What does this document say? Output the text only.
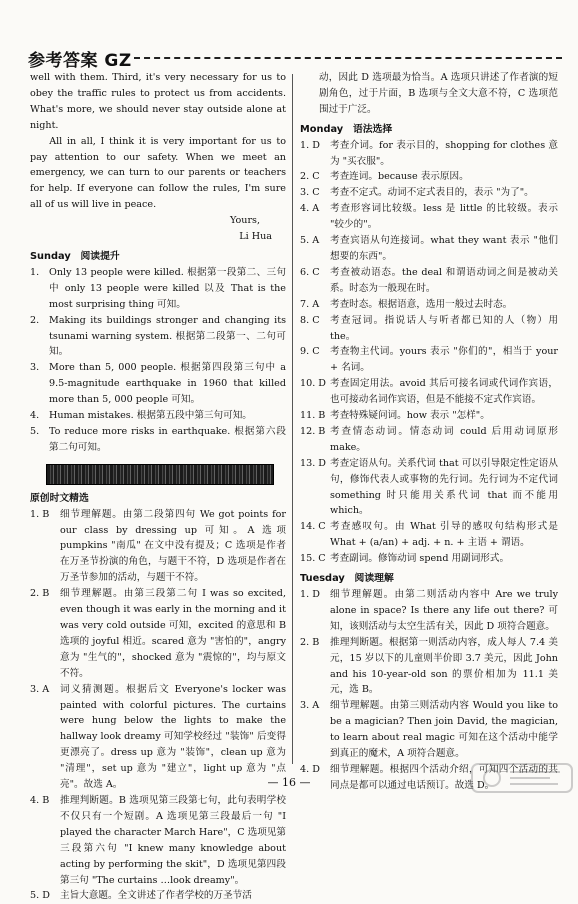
参考答案 GZ

well with them. Third, it's very necessary for us to obey the traffic rules to protect us from accidents. What's more, we should never stay outside alone at night.

All in all, I think it is very important for us to pay attention to our safety. When we meet an emergency, we can turn to our parents or teachers for help. If everyone can follow the rules, I'm sure all of us will live in peace.

Yours,

Li Hua

Sunday　阅读提升

1.	Only 13 people were killed. 根据第一段第二、三句中 only 13 people were killed 以及 That is the most surprising thing 可知。
2.	Making its buildings stronger and changing its tsunami warning system. 根据第二段第一、二句可知。
3.	More than 5, 000 people. 根据第四段第三句中 a 9.5-magnitude earthquake in 1960 that killed more than 5, 000 people 可知。
4.	Human mistakes. 根据第五段中第三句可知。
5.	To reduce more risks in earthquake. 根据第六段第二句可知。

原创时文精选

1. B	细节理解题。由第二段第四句 We got points for our class by dressing up 可知。A 选项 pumpkins "南瓜" 在文中没有提及；C 选项是作者在万圣节扮演的角色，与题干不符，D 选项是作者在万圣节参加的活动，与题干不符。
2. B	细节理解题。由第三段第二句 I was so excited, even though it was early in the morning and it was very cold outside 可知，excited 的意思和 B 选项的 joyful 相近。scared 意为 "害怕的"，angry 意为 "生气的"，shocked 意为 "震惊的"，均与原文不符。
3. A	词义猜测题。根据后文 Everyone's locker was painted with colorful pictures. The curtains were hung below the lights to make the hallway look dreamy 可知学校经过 "装饰" 后变得更漂亮了。dress up 意为 "装饰"，clean up 意为 "清理"，set up 意为 "建立"，light up 意为 "点亮"。故选 A。
4. B	推理判断题。B 选项见第三段第七句，此句表明学校不仅只有一个短剧。A 选项见第三段最后一句 "I played the character March Hare"，C 选项见第三段第六句 "I knew many knowledge about acting by performing the skit"，D 选项见第四段第三句 "The curtains …look dreamy"。
5. D	主旨大意题。全文讲述了作者学校的万圣节活

动，因此 D 选项最为恰当。A 选项只讲述了作者演的短剧角色，过于片面，B 选项与全文大意不符，C 选项范围过于广泛。

Monday　语法选择

1. D	考查介词。for 表示目的，shopping for clothes 意为 "买衣服"。
2. C	考查连词。because 表示原因。
3. C	考查不定式。动词不定式表目的，表示 "为了"。
4. A	考查形容词比较级。less 是 little 的比较级。表示 "较少的"。
5. A	考查宾语从句连接词。what they want 表示 "他们想要的东西"。
6. C	考查被动语态。the deal 和谓语动词之间是被动关系。时态为一般现在时。
7. A	考查时态。根据语意，选用一般过去时态。
8. C	考查冠词。指说话人与听者都已知的人（物）用 the。
9. C	考查物主代词。yours 表示 "你们的"，相当于 your + 名词。
10. D 考查固定用法。avoid 其后可接名词或代词作宾语，也可接动名词作宾语，但是不能接不定式作宾语。
11. B 考查特殊疑问词。how 表示 "怎样"。
12. B 考查情态动词。情态动词 could 后用动词原形 make。
13. D 考查定语从句。关系代词 that 可以引导限定性定语从句，修饰代表人或事物的先行词。先行词为不定代词 something 时只能用关系代词 that 而不能用 which。
14. C 考查感叹句。由 What 引导的感叹句结构形式是 What + (a/an) + adj. + n. + 主语 + 谓语。
15. C 考查副词。修饰动词 spend 用副词形式。

Tuesday　阅读理解

1. D	细节理解题。由第二则活动内容中 Are we truly alone in space? Is there any life out there? 可知，该则活动与太空生活有关，因此 D 项符合题意。
2. B	推理判断题。根据第一则活动内容，成人每人 7.4 美元，15 岁以下的儿童则半价即 3.7 美元，因此 John and his 10-year-old son 的票价相加为 11.1 美元，选 B。
3. A	细节理解题。由第三则活动内容 Would you like to be a magician? Then join David, the magician, to learn about real magic 可知在这个活动中能学到真正的魔术，A 项符合题意。
4. D	细节理解题。根据四个活动介绍，可知四个活动的共同点是都可以通过电话预订。故选 D。
— 16 —
